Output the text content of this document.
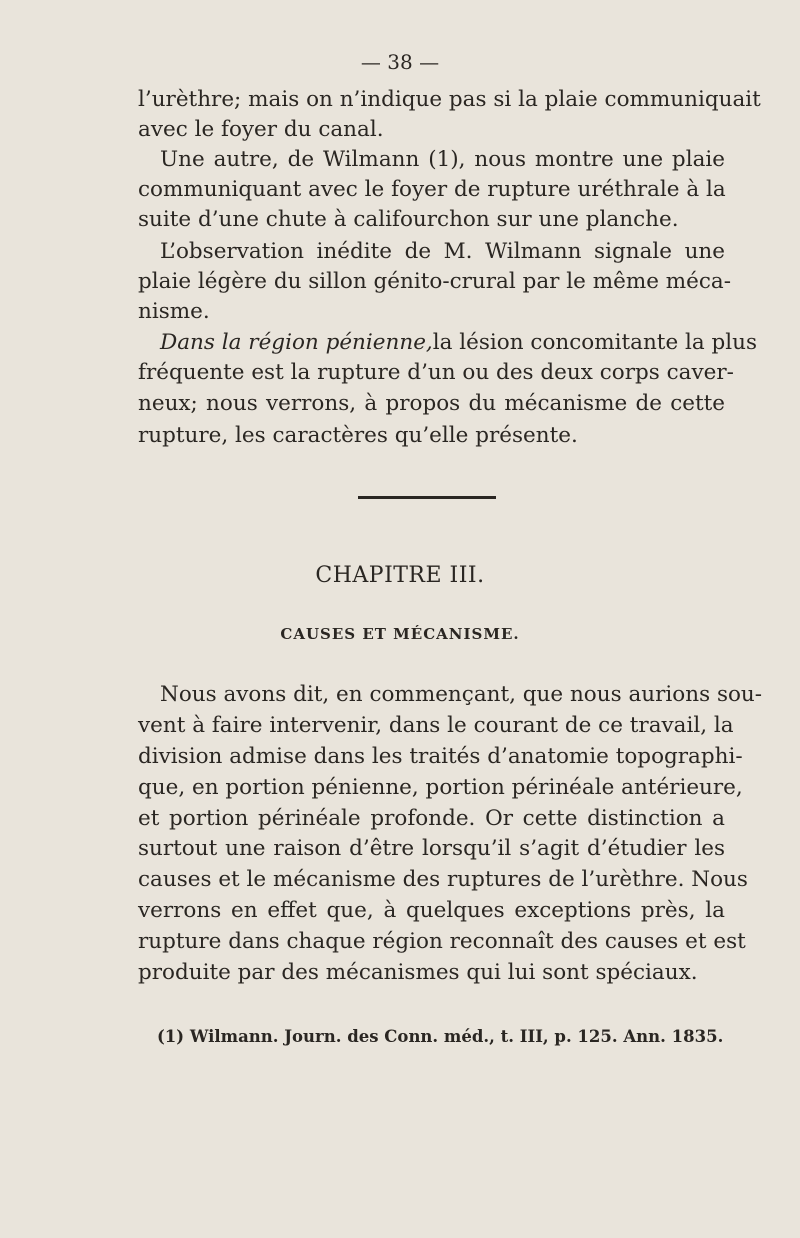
— 38 —
l’urèthre; mais on n’indique pas si la plaie communiquait
avec le foyer du canal.
Une autre, de Wilmann (1), nous montre une plaie
communiquant avec le foyer de rupture uréthrale à la
suite d’une chute à califourchon sur une planche.
L’observation inédite de M. Wilmann signale une
plaie légère du sillon génito-crural par le même méca-
nisme.
Dans la région pénienne, la lésion concomitante la plus
fréquente est la rupture d’un ou des deux corps caver-
neux; nous verrons, à propos du mécanisme de cette
rupture, les caractères qu’elle présente.
CHAPITRE III.
CAUSES ET MÉCANISME.
Nous avons dit, en commençant, que nous aurions sou-
vent à faire intervenir, dans le courant de ce travail, la
division admise dans les traités d’anatomie topographi-
que, en portion pénienne, portion périnéale antérieure,
et portion périnéale profonde. Or cette distinction a
surtout une raison d’être lorsqu’il s’agit d’étudier les
causes et le mécanisme des ruptures de l’urèthre. Nous
verrons en effet que, à quelques exceptions près, la
rupture dans chaque région reconnaît des causes et est
produite par des mécanismes qui lui sont spéciaux.
(1) Wilmann. Journ. des Conn. méd., t. III, p. 125. Ann. 1835.
